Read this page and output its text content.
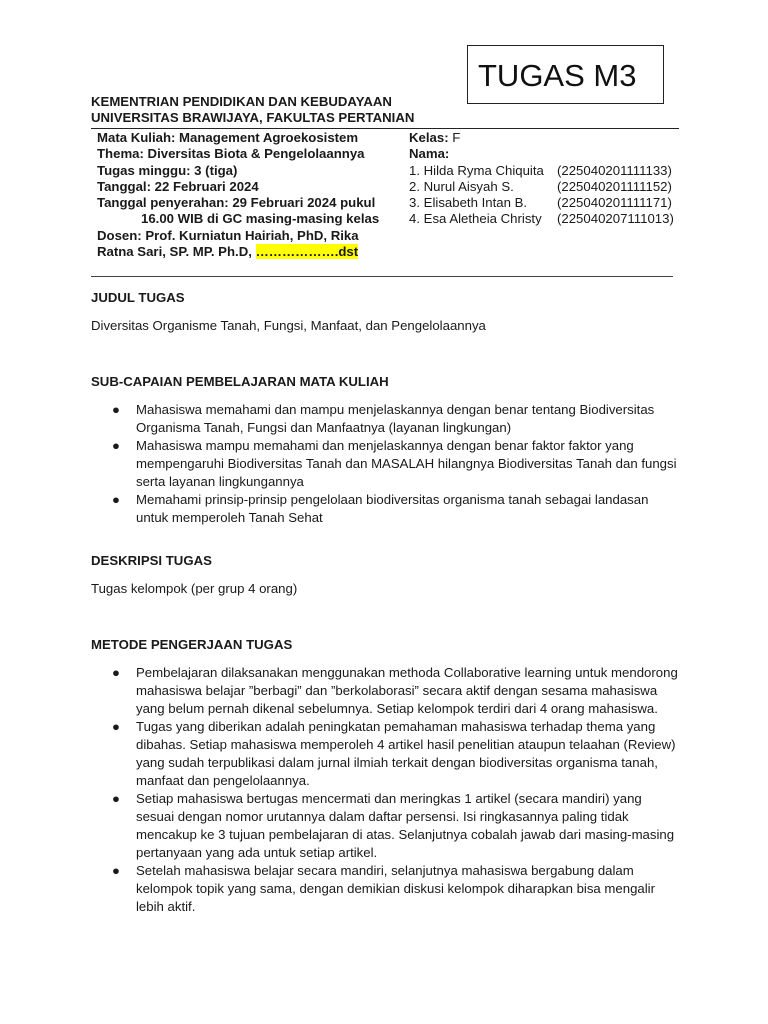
TUGAS M3
KEMENTRIAN PENDIDIKAN DAN KEBUDAYAAN
UNIVERSITAS BRAWIJAYA, FAKULTAS PERTANIAN
Mata Kuliah: Management Agroekosistem
Thema: Diversitas Biota & Pengelolaannya
Tugas minggu: 3 (tiga)
Tanggal: 22 Februari 2024
Tanggal penyerahan: 29 Februari 2024 pukul
16.00 WIB di GC masing-masing kelas
Dosen: Prof. Kurniatun Hairiah, PhD, Rika
Ratna Sari, SP. MP. Ph.D, ……………….dst
Kelas: F
Nama:
1. Hilda Ryma Chiquita (225040201111133)
2. Nurul Aisyah S.	(225040201111152)
3. Elisabeth Intan B. (225040201111171)
4. Esa Aletheia Christy (225040207111013)
JUDUL TUGAS
Diversitas Organisme Tanah, Fungsi, Manfaat, dan Pengelolaannya
SUB-CAPAIAN PEMBELAJARAN MATA KULIAH
● Mahasiswa memahami dan mampu menjelaskannya dengan benar tentang Biodiversitas Organisma Tanah, Fungsi dan Manfaatnya (layanan lingkungan)
● Mahasiswa mampu memahami dan menjelaskannya dengan benar faktor faktor yang mempengaruhi Biodiversitas Tanah dan MASALAH hilangnya Biodiversitas Tanah dan fungsi serta layanan lingkungannya
● Memahami prinsip-prinsip pengelolaan biodiversitas organisma tanah sebagai landasan untuk memperoleh Tanah Sehat
DESKRIPSI TUGAS
Tugas kelompok (per grup 4 orang)
METODE PENGERJAAN TUGAS
● Pembelajaran dilaksanakan menggunakan methoda Collaborative learning untuk mendorong mahasiswa belajar ”berbagi” dan ”berkolaborasi” secara aktif dengan sesama mahasiswa yang belum pernah dikenal sebelumnya. Setiap kelompok terdiri dari 4 orang mahasiswa.
● Tugas yang diberikan adalah peningkatan pemahaman mahasiswa terhadap thema yang dibahas. Setiap mahasiswa memperoleh 4 artikel hasil penelitian ataupun telaahan (Review) yang sudah terpublikasi dalam jurnal ilmiah terkait dengan biodiversitas organisma tanah, manfaat dan pengelolaannya.
● Setiap mahasiswa bertugas mencermati dan meringkas 1 artikel (secara mandiri) yang sesuai dengan nomor urutannya dalam daftar persensi. Isi ringkasannya paling tidak mencakup ke 3 tujuan pembelajaran di atas. Selanjutnya cobalah jawab dari masing-masing pertanyaan yang ada untuk setiap artikel.
● Setelah mahasiswa belajar secara mandiri, selanjutnya mahasiswa bergabung dalam kelompok topik yang sama, dengan demikian diskusi kelompok diharapkan bisa mengalir lebih aktif.
